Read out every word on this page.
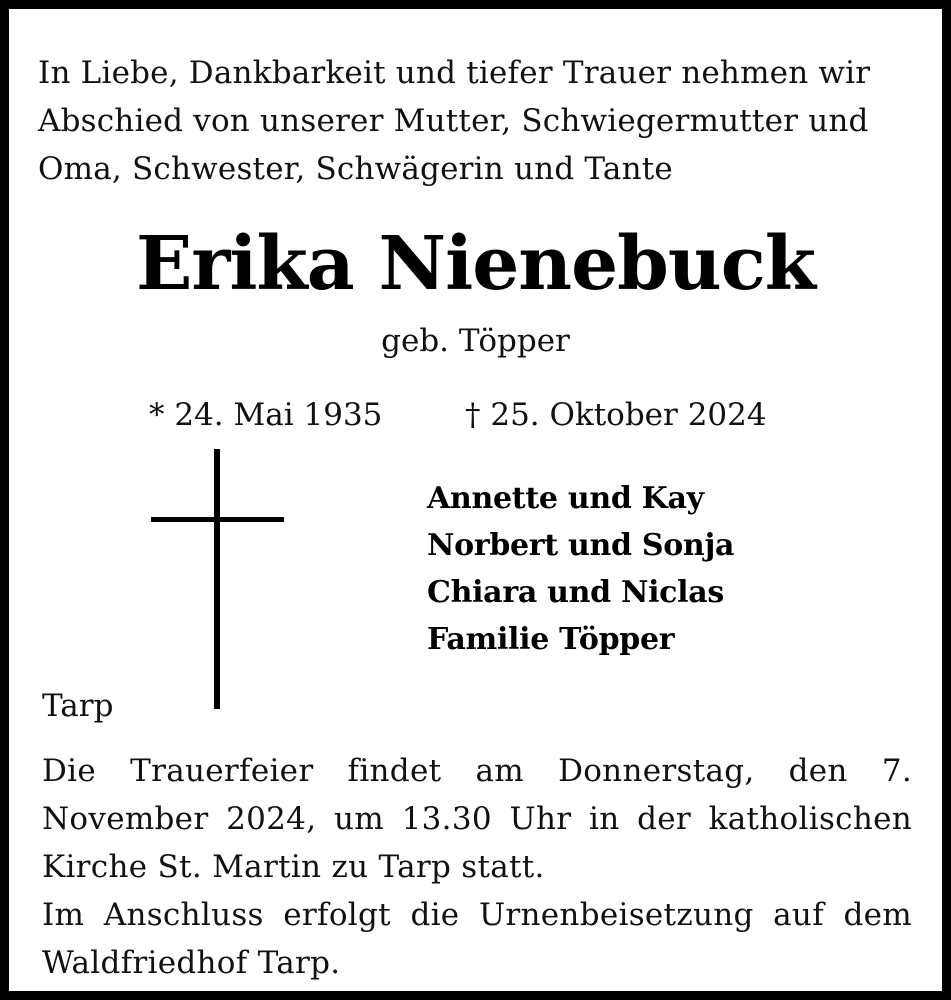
In Liebe, Dankbarkeit und tiefer Trauer nehmen wir Abschied von unserer Mutter, Schwiegermutter und Oma, Schwester, Schwägerin und Tante

Erika Nienebuck

geb. Töpper

* 24. Mai 1935	† 25. Oktober 2024

Annette und Kay
Norbert und Sonja
Chiara und Niclas
Familie Töpper

Tarp

Die Trauerfeier findet am Donnerstag, den 7. November 2024, um 13.30 Uhr in der katholischen Kirche St. Martin zu Tarp statt.

Im Anschluss erfolgt die Urnenbeisetzung auf dem Waldfriedhof Tarp.
